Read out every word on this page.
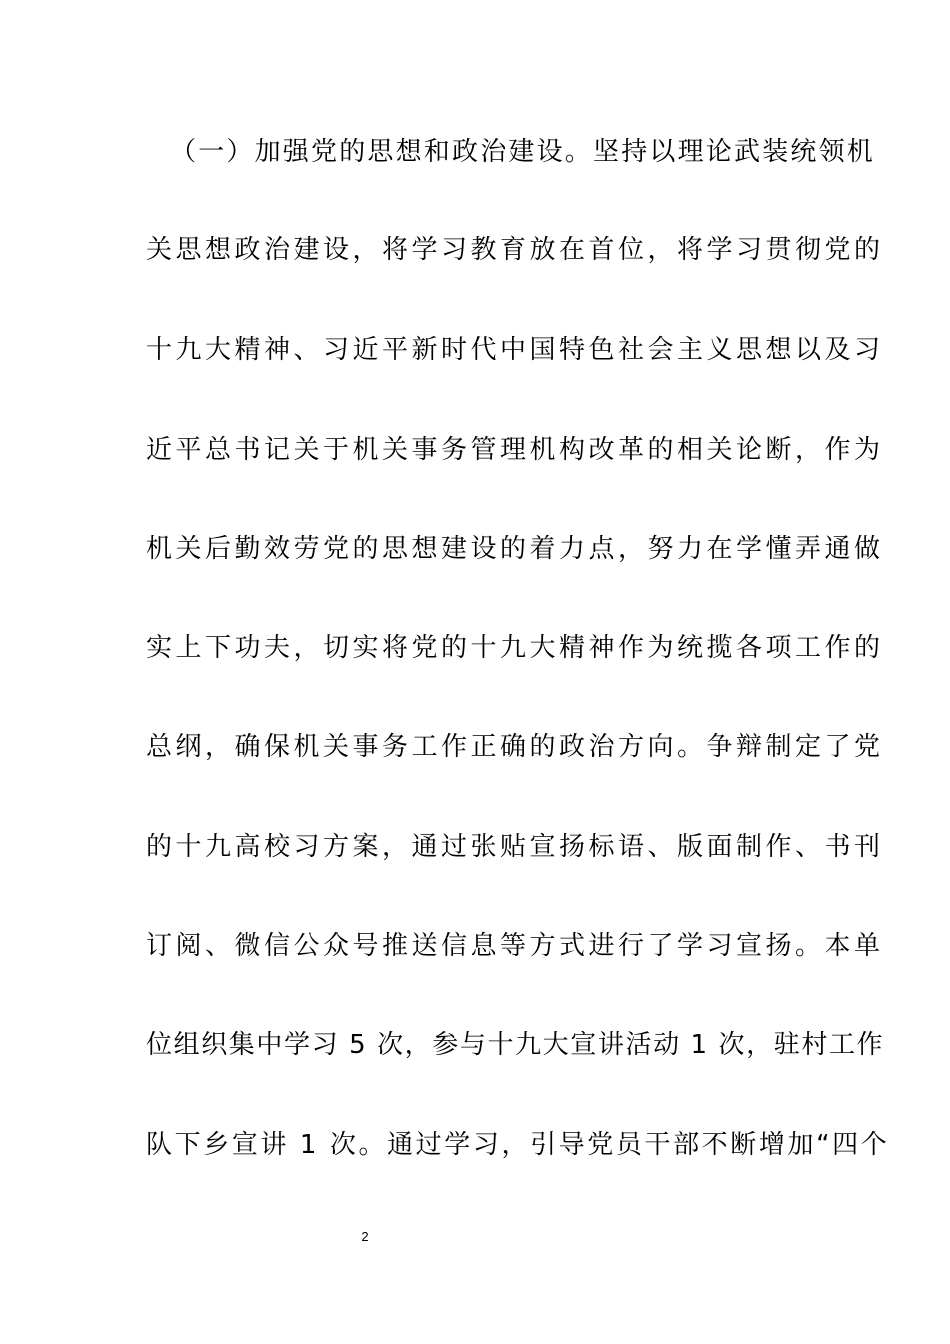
（一）加强党的思想和政治建设。坚持以理论武装统领机
关思想政治建设，将学习教育放在首位，将学习贯彻党的
十九大精神、习近平新时代中国特色社会主义思想以及习
近平总书记关于机关事务管理机构改革的相关论断，作为
机关后勤效劳党的思想建设的着力点，努力在学懂弄通做
实上下功夫，切实将党的十九大精神作为统揽各项工作的
总纲，确保机关事务工作正确的政治方向。争辩制定了党
的十九高校习方案，通过张贴宣扬标语、版面制作、书刊
订阅、微信公众号推送信息等方式进行了学习宣扬。本单
位组织集中学习 5 次，参与十九大宣讲活动 1 次，驻村工作
队下乡宣讲 1 次。通过学习，引导党员干部不断增加“四个
2
